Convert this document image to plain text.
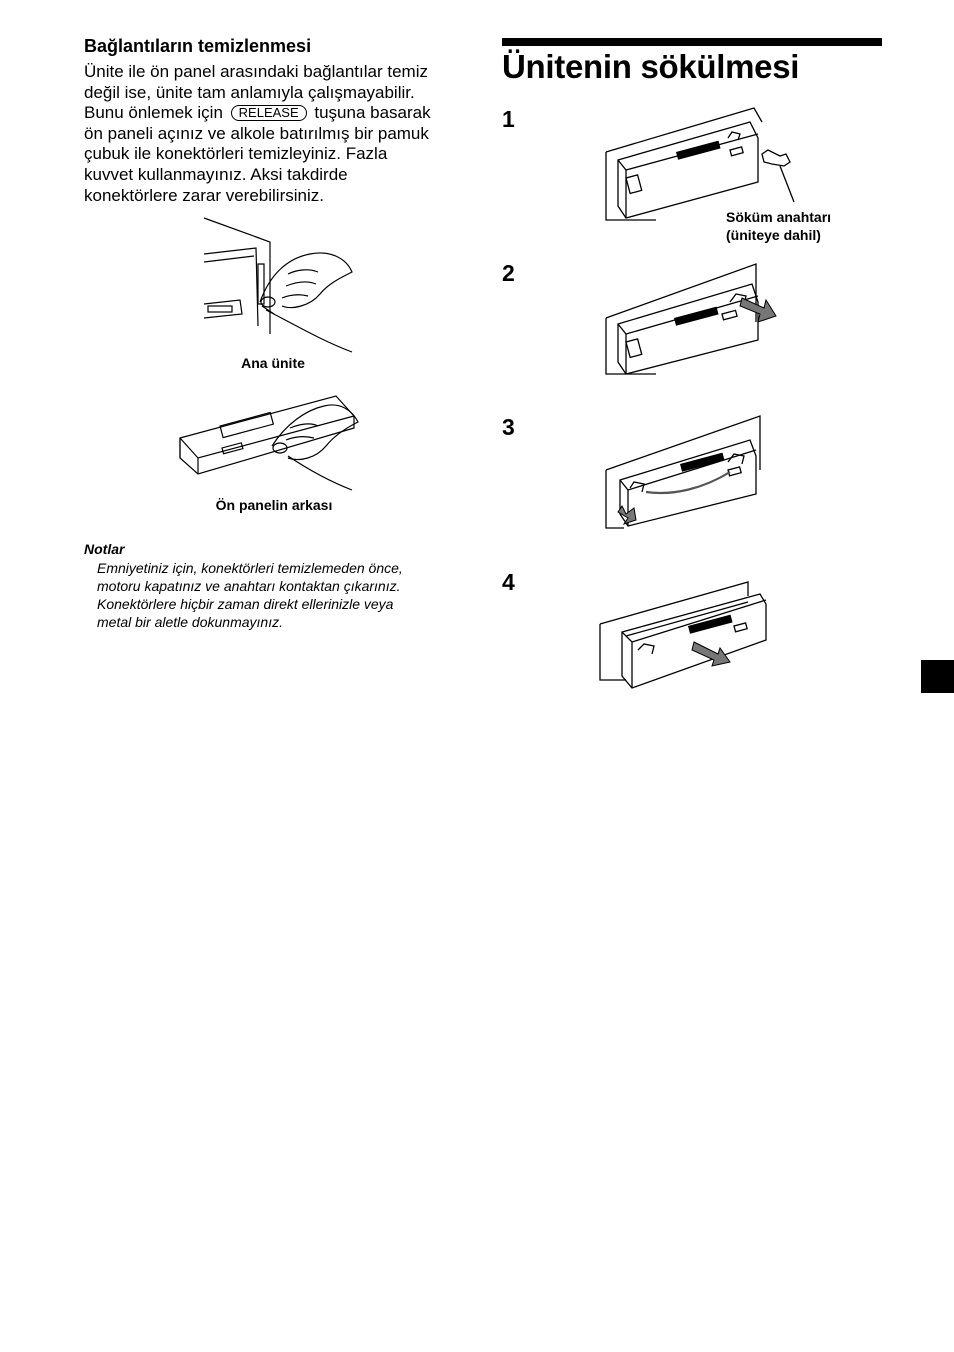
Bağlantıların temizlenmesi
Ünite ile ön panel arasındaki bağlantılar temiz
değil ise, ünite tam anlamıyla çalışmayabilir.
Bunu önlemek için RELEASE tuşuna basarak
ön paneli açınız ve alkole batırılmış bir pamuk
çubuk ile konektörleri temizleyiniz. Fazla
kuvvet kullanmayınız. Aksi takdirde
konektörlere zarar verebilirsiniz.
Ana ünite
Ön panelin arkası
Notlar
Emniyetiniz için, konektörleri temizlemeden önce,
motoru kapatınız ve anahtarı kontaktan çıkarınız.
Konektörlere hiçbir zaman direkt ellerinizle veya
metal bir aletle dokunmayınız.
Ünitenin sökülmesi
1
Söküm anahtarı
(üniteye dahil)
2
3
4
